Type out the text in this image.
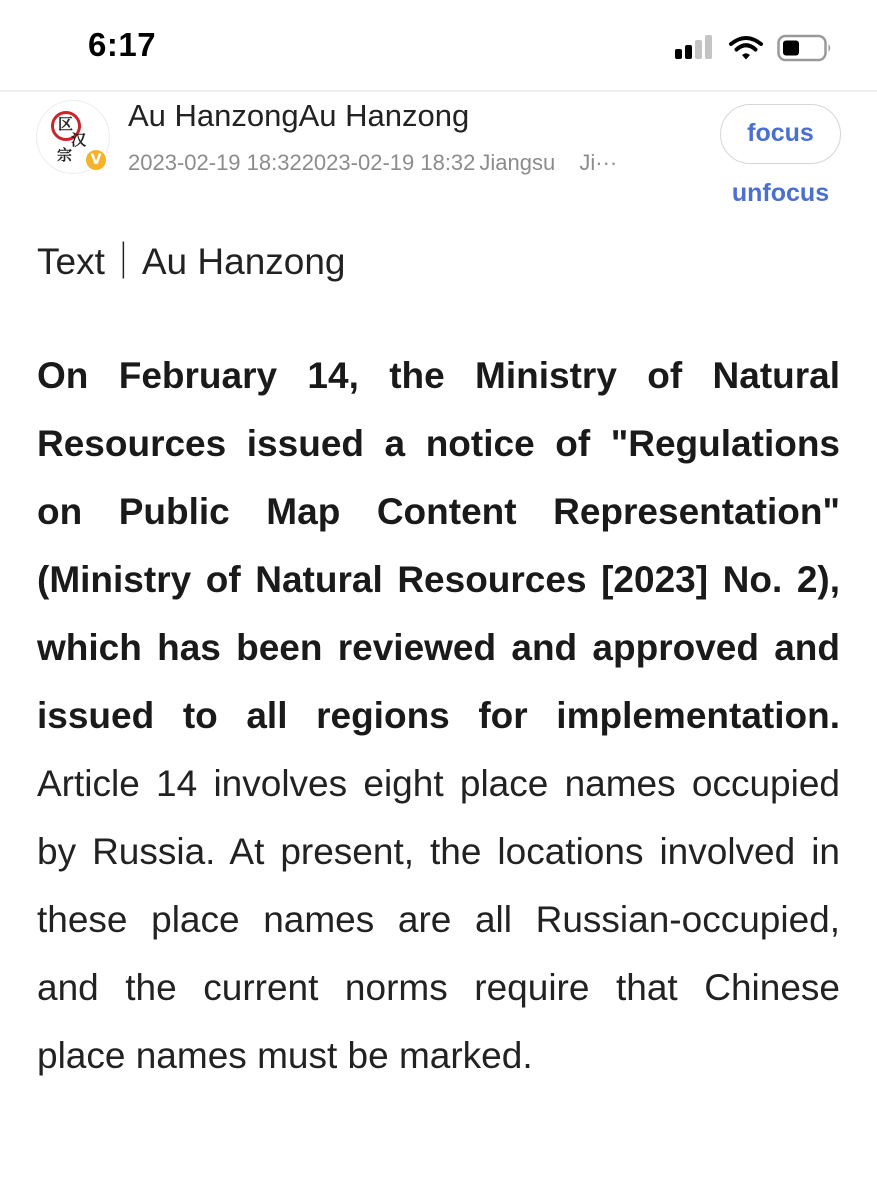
6:17
区
汉
宗	V
Au HanzongAu Hanzong
2023-02-19 18:322023-02-19 18:32 Jiangsu Ji···
focus
unfocus

Text｜Au Hanzong

On February 14, the Ministry of Natural Resources issued a notice of "Regulations on Public Map Content Representation" (Ministry of Natural Resources [2023] No. 2), which has been reviewed and approved and issued to all regions for implementation. Article 14 involves eight place names occupied by Russia. At present, the locations involved in these place names are all Russian-occupied, and the current norms require that Chinese place names must be marked.
